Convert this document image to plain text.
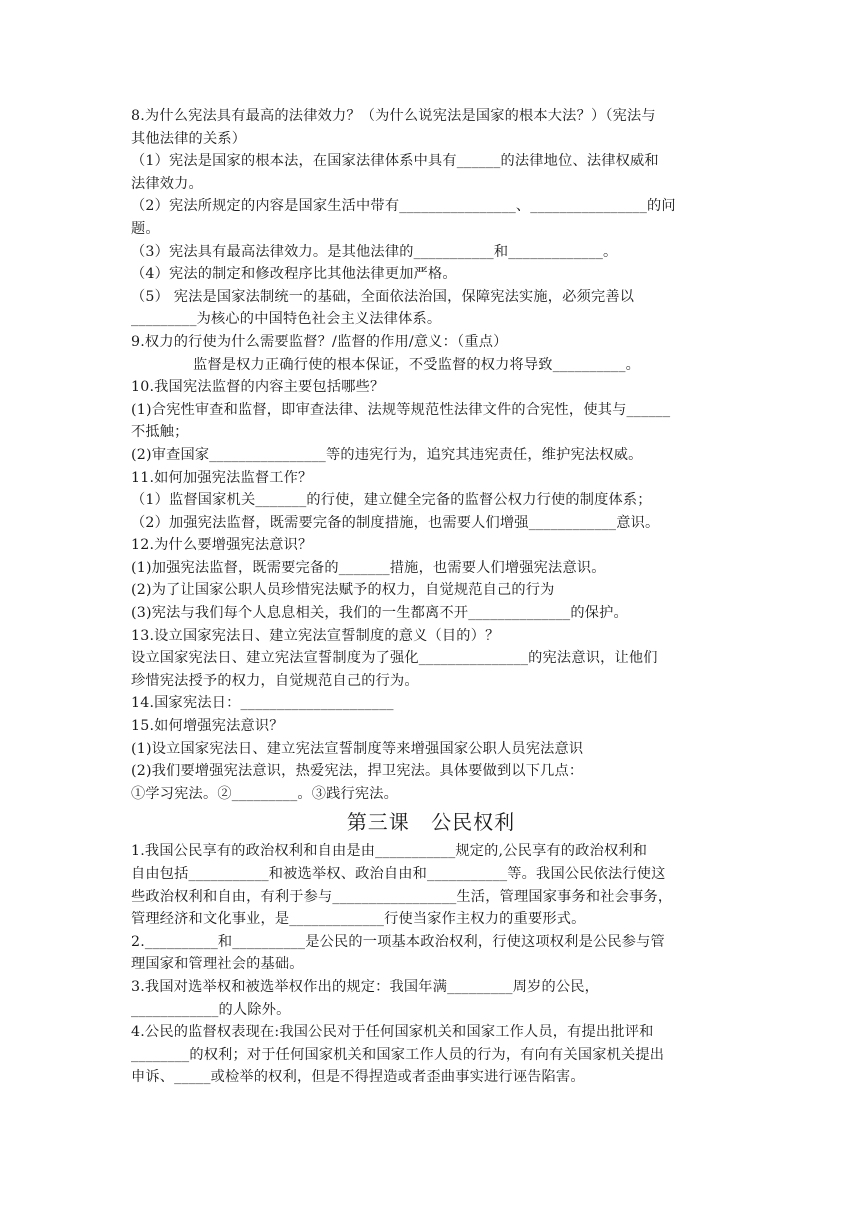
8.为什么宪法具有最高的法律效力？（为什么说宪法是国家的根本大法？）（宪法与
其他法律的关系）
（1）宪法是国家的根本法，在国家法律体系中具有______的法律地位、法律权威和
法律效力。
（2）宪法所规定的内容是国家生活中带有________________、________________的问
题。
（3）宪法具有最高法律效力。是其他法律的___________和_____________。
（4）宪法的制定和修改程序比其他法律更加严格。
（5） 宪法是国家法制统一的基础，全面依法治国，保障宪法实施，必须完善以
_________为核心的中国特色社会主义法律体系。
9.权力的行使为什么需要监督？/监督的作用/意义：（重点）
监督是权力正确行使的根本保证，不受监督的权力将导致__________。
10.我国宪法监督的内容主要包括哪些？
(1)合宪性审查和监督，即审查法律、法规等规范性法律文件的合宪性，使其与______
不抵触；
(2)审查国家________________等的违宪行为，追究其违宪责任，维护宪法权威。
11.如何加强宪法监督工作？
（1）监督国家机关_______的行使，建立健全完备的监督公权力行使的制度体系；
（2）加强宪法监督，既需要完备的制度措施，也需要人们增强____________意识。
12.为什么要增强宪法意识？
(1)加强宪法监督，既需要完备的_______措施，也需要人们增强宪法意识。
(2)为了让国家公职人员珍惜宪法赋予的权力，自觉规范自己的行为
(3)宪法与我们每个人息息相关，我们的一生都离不开______________的保护。
13.设立国家宪法日、建立宪法宣誓制度的意义（目的）？
设立国家宪法日、建立宪法宣誓制度为了强化_______________的宪法意识，让他们
珍惜宪法授予的权力，自觉规范自己的行为。
14.国家宪法日：_____________________
15.如何增强宪法意识？
(1)设立国家宪法日、建立宪法宣誓制度等来增强国家公职人员宪法意识
(2)我们要增强宪法意识，热爱宪法，捍卫宪法。具体要做到以下几点：
①学习宪法。②_________。③践行宪法。
第三课 公民权利
1.我国公民享有的政治权利和自由是由___________规定的,公民享有的政治权利和
自由包括___________和被选举权、政治自由和___________等。我国公民依法行使这
些政治权利和自由，有利于参与_________________生活，管理国家事务和社会事务，
管理经济和文化事业，是_____________行使当家作主权力的重要形式。
2.__________和__________是公民的一项基本政治权利，行使这项权利是公民参与管
理国家和管理社会的基础。
3.我国对选举权和被选举权作出的规定：我国年满_________周岁的公民，
____________的人除外。
4.公民的监督权表现在:我国公民对于任何国家机关和国家工作人员，有提出批评和
________的权利；对于任何国家机关和国家工作人员的行为，有向有关国家机关提出
申诉、_____或检举的权利，但是不得捏造或者歪曲事实进行诬告陷害。
